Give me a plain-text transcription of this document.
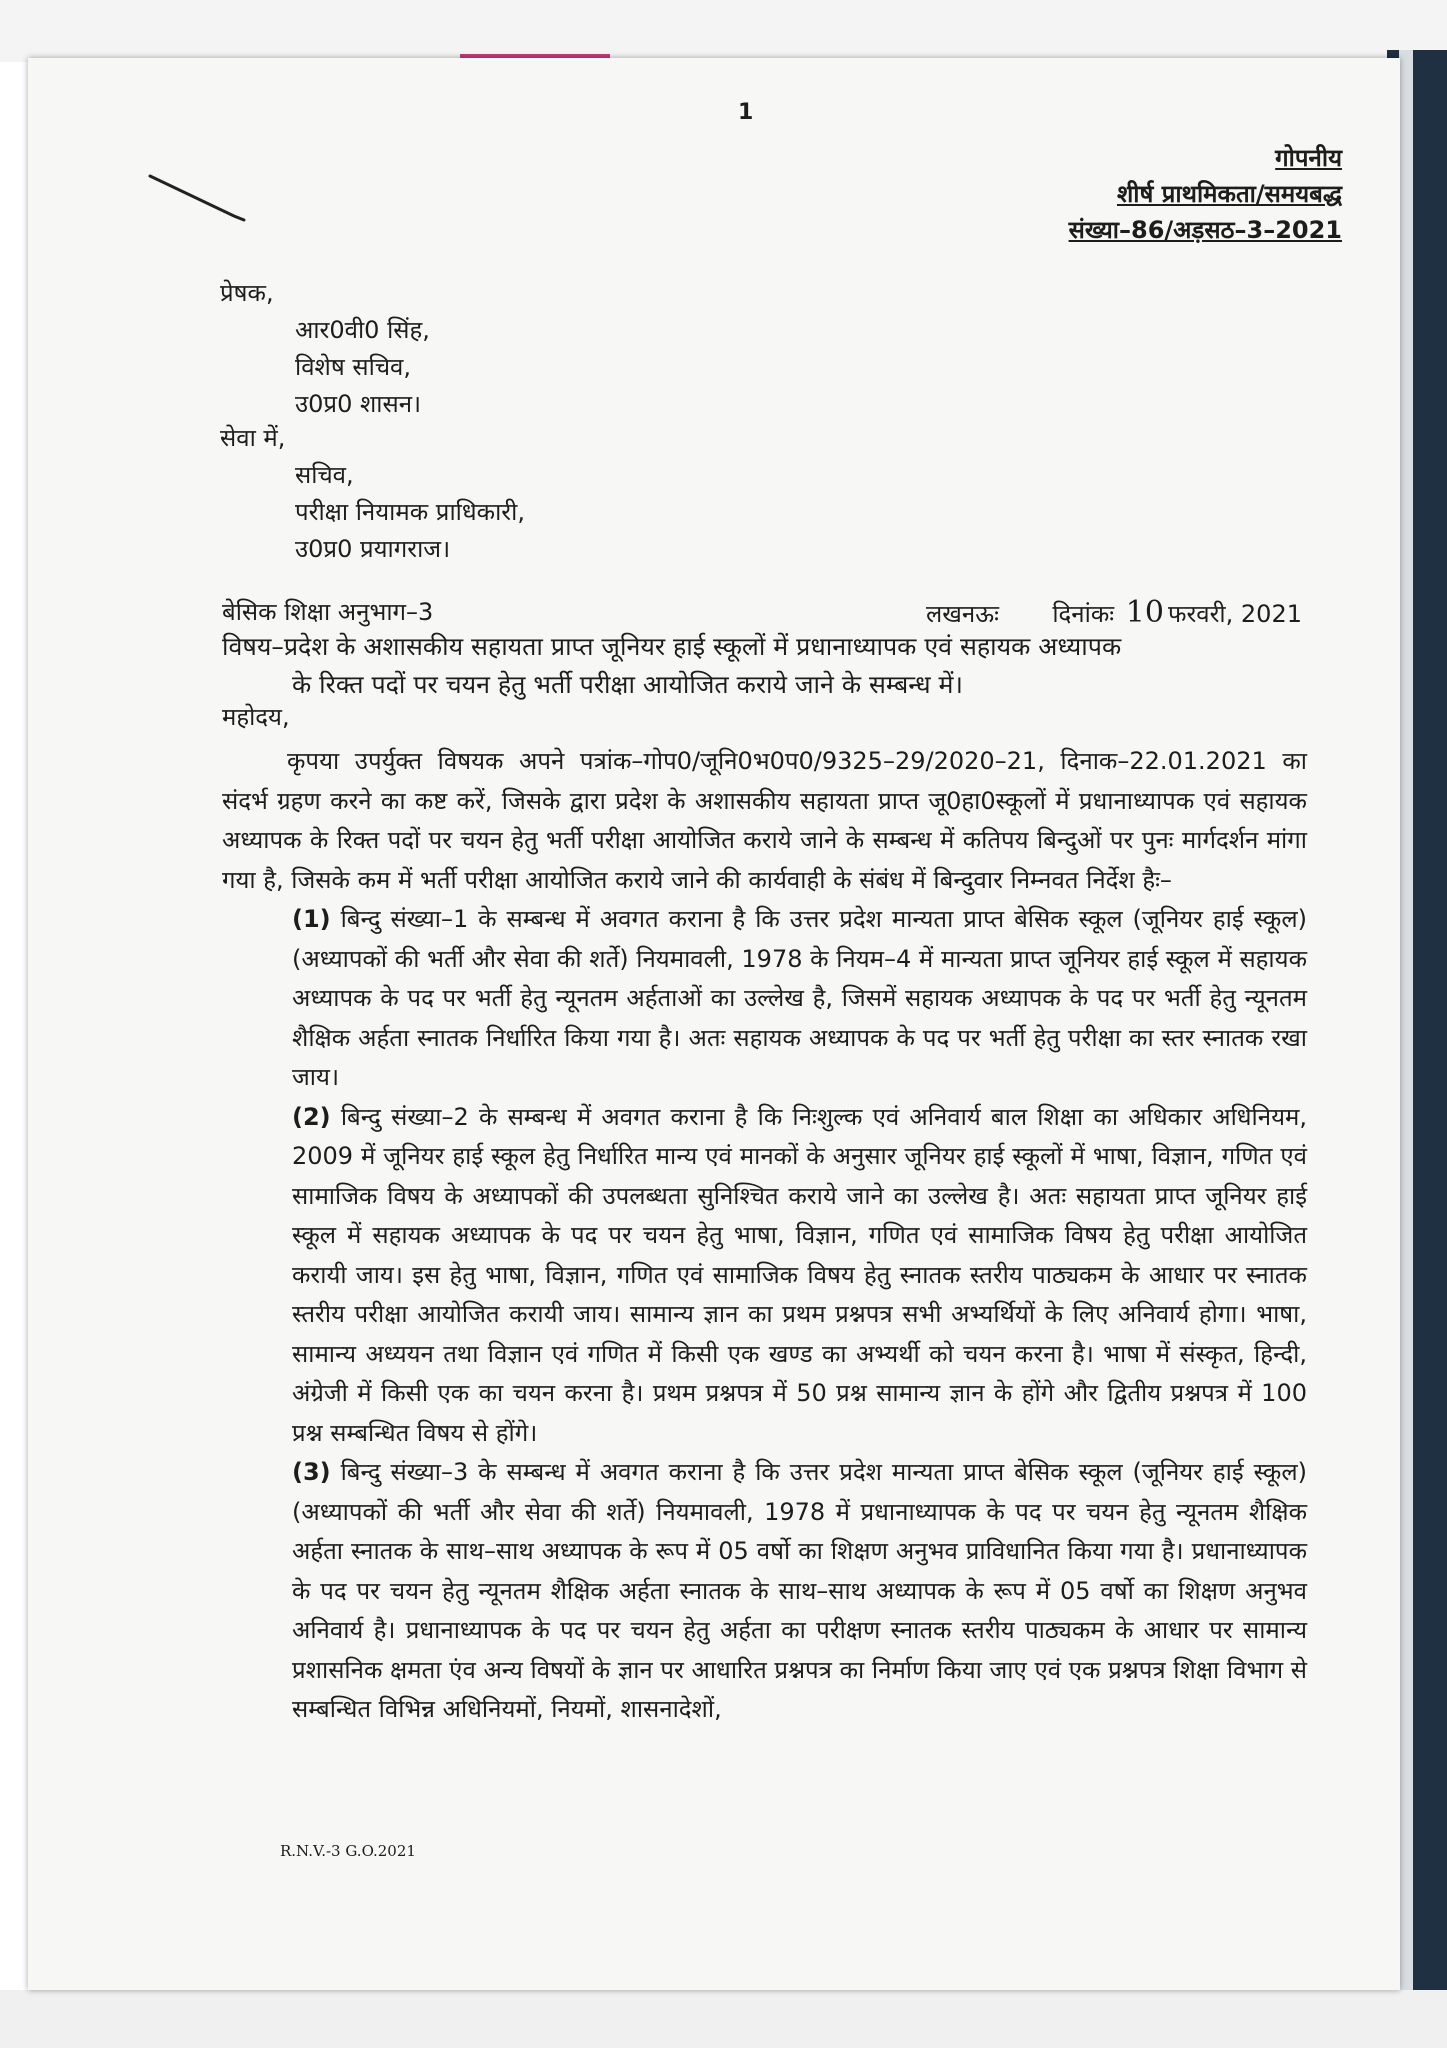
1
गोपनीय
शीर्ष प्राथमिकता/समयबद्ध
संख्या–86/अड़सठ–3–2021
प्रेषक,
आर0वी0 सिंह,
विशेष सचिव,
उ0प्र0 शासन।
सेवा में,
सचिव,
परीक्षा नियामक प्राधिकारी,
उ0प्र0 प्रयागराज।
बेसिक शिक्षा अनुभाग–3	लखनऊः दिनांकः 10 फरवरी, 2021
विषय–प्रदेश के अशासकीय सहायता प्राप्त जूनियर हाई स्कूलों में प्रधानाध्यापक एवं सहायक अध्यापक
के रिक्त पदों पर चयन हेतु भर्ती परीक्षा आयोजित कराये जाने के सम्बन्ध में।
महोदय,

कृपया उपर्युक्त विषयक अपने पत्रांक–गोप0/जूनि0भ0प0/9325–29/2020–21, दिनाक–22.01.2021 का संदर्भ ग्रहण करने का कष्ट करें, जिसके द्वारा प्रदेश के अशासकीय सहायता प्राप्त जू0हा0स्कूलों में प्रधानाध्यापक एवं सहायक अध्यापक के रिक्त पदों पर चयन हेतु भर्ती परीक्षा आयोजित कराये जाने के सम्बन्ध में कतिपय बिन्दुओं पर पुनः मार्गदर्शन मांगा गया है, जिसके कम में भर्ती परीक्षा आयोजित कराये जाने की कार्यवाही के संबंध में बिन्दुवार निम्नवत निर्देश हैः–

(1) बिन्दु संख्या–1 के सम्बन्ध में अवगत कराना है कि उत्तर प्रदेश मान्यता प्राप्त बेसिक स्कूल (जूनियर हाई स्कूल) (अध्यापकों की भर्ती और सेवा की शर्ते) नियमावली, 1978 के नियम–4 में मान्यता प्राप्त जूनियर हाई स्कूल में सहायक अध्यापक के पद पर भर्ती हेतु न्यूनतम अर्हताओं का उल्लेख है, जिसमें सहायक अध्यापक के पद पर भर्ती हेतु न्यूनतम शैक्षिक अर्हता स्नातक निर्धारित किया गया है। अतः सहायक अध्यापक के पद पर भर्ती हेतु परीक्षा का स्तर स्नातक रखा जाय।

(2) बिन्दु संख्या–2 के सम्बन्ध में अवगत कराना है कि निःशुल्क एवं अनिवार्य बाल शिक्षा का अधिकार अधिनियम, 2009 में जूनियर हाई स्कूल हेतु निर्धारित मान्य एवं मानकों के अनुसार जूनियर हाई स्कूलों में भाषा, विज्ञान, गणित एवं सामाजिक विषय के अध्यापकों की उपलब्धता सुनिश्चित कराये जाने का उल्लेख है। अतः सहायता प्राप्त जूनियर हाई स्कूल में सहायक अध्यापक के पद पर चयन हेतु भाषा, विज्ञान, गणित एवं सामाजिक विषय हेतु परीक्षा आयोजित करायी जाय। इस हेतु भाषा, विज्ञान, गणित एवं सामाजिक विषय हेतु स्नातक स्तरीय पाठ्यकम के आधार पर स्नातक स्तरीय परीक्षा आयोजित करायी जाय। सामान्य ज्ञान का प्रथम प्रश्नपत्र सभी अभ्यर्थियों के लिए अनिवार्य होगा। भाषा, सामान्य अध्ययन तथा विज्ञान एवं गणित में किसी एक खण्ड का अभ्यर्थी को चयन करना है। भाषा में संस्कृत, हिन्दी, अंग्रेजी में किसी एक का चयन करना है। प्रथम प्रश्नपत्र में 50 प्रश्न सामान्य ज्ञान के होंगे और द्वितीय प्रश्नपत्र में 100 प्रश्न सम्बन्धित विषय से होंगे।

(3) बिन्दु संख्या–3 के सम्बन्ध में अवगत कराना है कि उत्तर प्रदेश मान्यता प्राप्त बेसिक स्कूल (जूनियर हाई स्कूल) (अध्यापकों की भर्ती और सेवा की शर्ते) नियमावली, 1978 में प्रधानाध्यापक के पद पर चयन हेतु न्यूनतम शैक्षिक अर्हता स्नातक के साथ–साथ अध्यापक के रूप में 05 वर्षो का शिक्षण अनुभव प्राविधानित किया गया है। प्रधानाध्यापक के पद पर चयन हेतु न्यूनतम शैक्षिक अर्हता स्नातक के साथ–साथ अध्यापक के रूप में 05 वर्षो का शिक्षण अनुभव अनिवार्य है। प्रधानाध्यापक के पद पर चयन हेतु अर्हता का परीक्षण स्नातक स्तरीय पाठ्यकम के आधार पर सामान्य प्रशासनिक क्षमता एंव अन्य विषयों के ज्ञान पर आधारित प्रश्नपत्र का निर्माण किया जाए एवं एक प्रश्नपत्र शिक्षा विभाग से सम्बन्धित विभिन्न अधिनियमों, नियमों, शासनादेशों,

R.N.V.-3 G.O.2021
